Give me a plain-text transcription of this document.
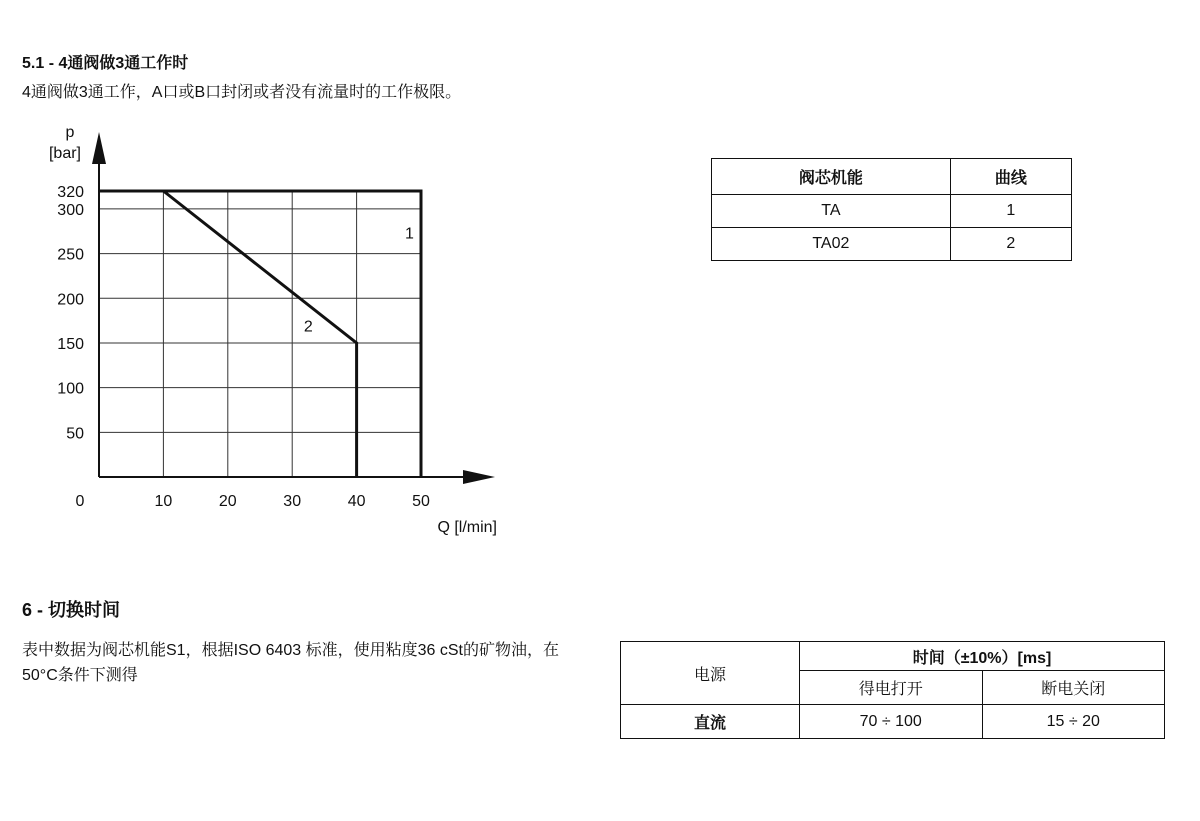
5.1 - 4通阀做3通工作时
4通阀做3通工作，A口或B口封闭或者没有流量时的工作极限。
p
[bar]
Q [l/min]
0	10	20	30	40	50
50
100
150
200
250
300
320
1
2
阀芯机能	曲线
TA	1
TA02	2
6 - 切换时间
表中数据为阀芯机能S1，根据ISO 6403 标准，使用粘度36 cSt的矿物油，在50°C条件下测得	电源	时间（±10%）[ms]	
	得电打开	断电关闭
直流	70 ÷ 100	15 ÷ 20
